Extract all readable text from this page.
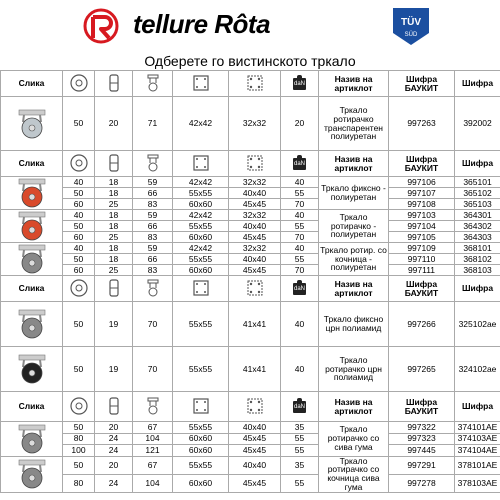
tellure Rôta	TÜV
SÜD
Одберете го вистинското тркало
Слика						daN	Назив на артиклот	Шифра БАУКИТ	Шифра

	50	20	71	42x42	32x32	20	Тркало ротирачко транспарентен полиуретан	997263	392002
Слика						daN	Назив на артиклот	Шифра БАУКИТ	Шифра

	40	18	59	42x42	32x32	40	Тркало фиксно - полиуретан	997106	365101
	50	18	66	55x55	40x40	55		997107	365102
	60	25	83	60x60	45x45	70		997108	365103

	40	18	59	42x42	32x32	40	Тркало ротирачко - полиуретан	997103	364301
	50	18	66	55x55	40x40	55		997104	364302
	60	25	83	60x60	45x45	70		997105	364303

	40	18	59	42x42	32x32	40	Тркало ротир. со кочница - полиуретан	997109	368101
	50	18	66	55x55	40x40	55		997110	368102
	60	25	83	60x60	45x45	70		997111	368103
Слика						daN	Назив на артиклот	Шифра БАУКИТ	Шифра

	50	19	70	55x55	41x41	40	Тркало фиксно црн полиамид	997266	325102ae

	50	19	70	55x55	41x41	40	Тркало ротирачко црн полиамид	997265	324102ae
Слика						daN	Назив на артиклот	Шифра БАУКИТ	Шифра

	50	20	67	55x55	40x40	35	Тркало ротирачко со сива гума	997322	374101AE
	80	24	104	60x60	45x45	55		997323	374103AE
	100	24	121	60x60	45x45	55		997445	374104AE

	50	20	67	55x55	40x40	35	Тркало ротирачко со кочница сива гума	997291	378101AE
	80	24	104	60x60	45x45	55		997278	378103AE
